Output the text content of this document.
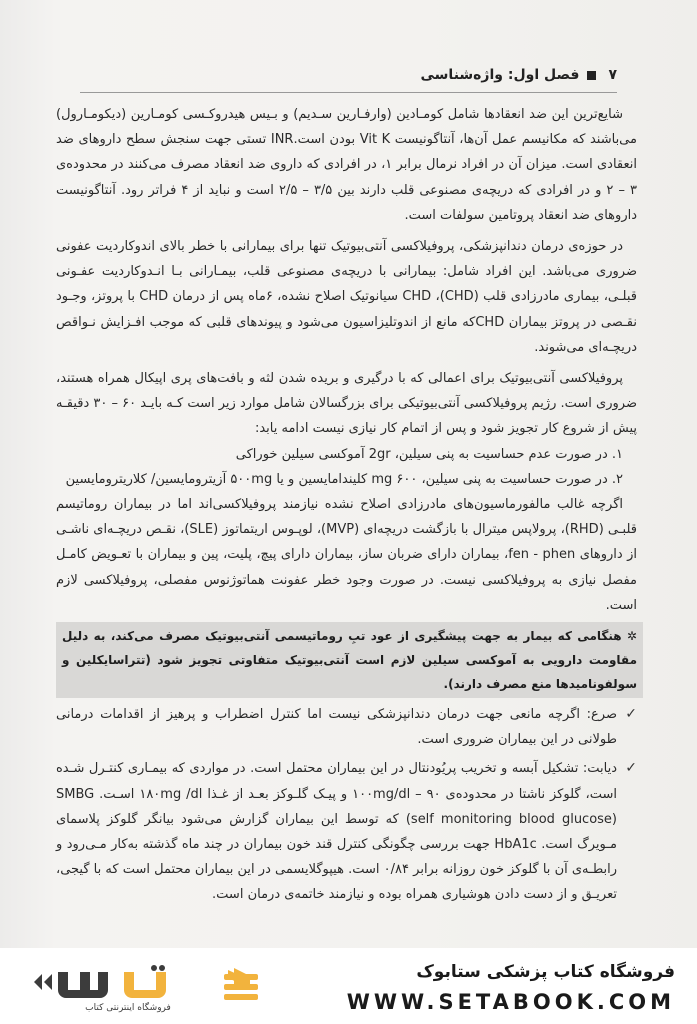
۷
فصل اول: واژه‌شناسی

شایع‌ترین این ضد انعقادها شامل کومـادین (وارفـارین سـدیم) و بـیس هیدروکـسی کومـارین (دیکومـارول) می‌باشند که مکانیسم عمل آن‌ها، آنتاگونیست Vit K بودن است.INR تستی جهت سنجش سطح داروهای ضد انعقادی است. میزان آن در افراد نرمال برابر ۱، در افرادی که داروی ضد انعقاد مصرف می‌کنند در محدوده‌ی ۳ – ۲ و در افرادی که دریچه‌ی مصنوعی قلب دارند بین ۳/۵ – ۲/۵ است و نباید از ۴ فراتر رود. آنتاگونیست داروهای ضد انعقاد پروتامین سولفات است.

در حوزه‌ی درمان دندانپزشکی، پروفیلاکسی آنتی‌بیوتیک تنها برای بیمارانی با خطر بالای اندوکاردیت عفونی ضروری می‌باشد. این افراد شامل: بیمارانی با دریچه‌ی مصنوعی قلب، بیمـارانی بـا انـدوکاردیت عفـونی قبلـی، بیماری مادرزادی قلب (CHD)، CHD سیانوتیک اصلاح نشده، ۶ماه پس از درمان CHD با پروتز، وجـود نقـصی در پروتز بیماران CHDکه مانع از اندوتلیزاسیون می‌شود و پیوندهای قلبی که موجب افـزایش نـواقص دریچـه‌ای می‌شوند.

پروفیلاکسی آنتی‌بیوتیک برای اعمالی که با درگیری و بریده شدن لثه و بافت‌های پری اپیکال همراه هستند، ضروری است. رژیم پروفیلاکسی آنتی‌بیوتیکی برای بزرگسالان شامل موارد زیر است کـه بایـد ۶۰ – ۳۰ دقیقـه پیش از شروع کار تجویز شود و پس از اتمام کار نیازی نیست ادامه یابد:

۱. در صورت عدم حساسیت به پنی سیلین، 2gr آموکسی سیلین خوراکی

۲. در صورت حساسیت به پنی سیلین، ۶۰۰ mg کلیندامایسین و یا ۵۰۰mg آزیترومایسین/ کلاریترومایسین

اگرچه غالب مالفورماسیون‌های مادرزادی اصلاح نشده نیازمند پروفیلاکسی‌اند اما در بیماران روماتیسم قلبـی (RHD)، پرولاپس میترال با بازگشت دریچه‌ای (MVP)، لوپـوس اریتماتوز (SLE)، نقـص دریچـه‌ای ناشـی از داروهای fen - phen، بیماران دارای ضربان ساز، بیماران دارای پیچ، پلیت، پین و بیماران با تعـویض کامـل مفصل نیازی به پروفیلاکسی نیست. در صورت وجود خطر عفونت هماتوژنوس مفصلی، پروفیلاکسی لازم است.

✲ هنگامی که بیمار به جهت پیشگیری از عود تبِ روماتیسمی آنتی‌بیوتیک مصرف می‌کند، به دلیل مقاومت دارویی به آموکسی سیلین لازم است آنتی‌بیوتیک متفاوتی تجویز شود (تتراسایکلین و سولفونامیدها منع مصرف دارند).
✓
صرع: اگرچه مانعی جهت درمان دندانپزشکی نیست اما کنترل اضطراب و پرهیز از اقدامات درمانی طولانی در این بیماران ضروری است.
✓
دیابت: تشکیل آبسه و تخریب پریُودنتال در این بیماران محتمل است. در مواردی که بیمـاری کنتـرل شـده است، گلوکز ناشتا در محدوده‌ی ۱۰۰mg/dl – ۹۰ و پیـک گلـوکز بعـد از غـذا ۱۸۰mg /dl اسـت. SMBG (self monitoring blood glucose) که توسط این بیماران گزارش می‌شود بیانگر گلوکز پلاسمای مـویرگ است. HbA1c جهت بررسی چگونگی کنترل قند خون بیماران در چند ماه گذشته به‌کار مـی‌رود و رابطـه‌ی آن با گلوکز خون روزانه برابر ۰/۸۴ است. هیپوگلایسمی در این بیماران محتمل است که با گیجی، تعریـق و از دست دادن هوشیاری همراه بوده و نیازمند خاتمه‌ی درمان است.
فروشگاه اینترنتی کتاب
فروشگاه کتاب پزشکی ستابوک
WWW.SETABOOK.COM
